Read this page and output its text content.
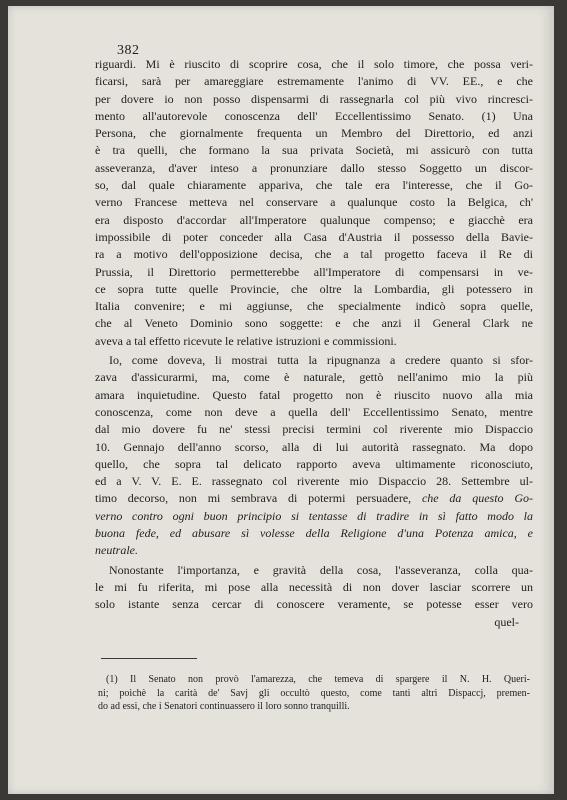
382
riguardi. Mi è riuscito di scoprire cosa, che il solo timore, che possa veri-
ficarsi, sarà per amareggiare estremamente l'animo di VV. EE., e che
per dovere io non posso dispensarmi di rassegnarla col più vivo rincresci-
mento all'autorevole conoscenza dell' Eccellentissimo Senato. (1) Una
Persona, che giornalmente frequenta un Membro del Direttorio, ed anzi
è tra quelli, che formano la sua privata Società, mi assicurò con tutta
asseveranza, d'aver inteso a pronunziare dallo stesso Soggetto un discor-
so, dal quale chiaramente appariva, che tale era l'interesse, che il Go-
verno Francese metteva nel conservare a qualunque costo la Belgica, ch'
era disposto d'accordar all'Imperatore qualunque compenso; e giacchè era
impossibile di poter conceder alla Casa d'Austria il possesso della Bavie-
ra a motivo dell'opposizione decisa, che a tal progetto faceva il Re di
Prussia, il Direttorio permetterebbe all'Imperatore di compensarsi in ve-
ce sopra tutte quelle Provincie, che oltre la Lombardia, gli potessero in
Italia convenire; e mi aggiunse, che specialmente indicò sopra quelle,
che al Veneto Dominio sono soggette: e che anzi il General Clark ne
aveva a tal effetto ricevute le relative istruzioni e commissioni.
Io, come doveva, li mostrai tutta la ripugnanza a credere quanto si sfor-
zava d'assicurarmi, ma, come è naturale, gettò nell'animo mio la più
amara inquietudine. Questo fatal progetto non è riuscito nuovo alla mia
conoscenza, come non deve a quella dell' Eccellentissimo Senato, mentre
dal mio dovere fu ne' stessi precisi termini col riverente mio Dispaccio
10. Gennajo dell'anno scorso, alla di lui autorità rassegnato. Ma dopo
quello, che sopra tal delicato rapporto aveva ultimamente riconosciuto,
ed a V. V. E. E. rassegnato col riverente mio Dispaccio 28. Settembre ul-
timo decorso, non mi sembrava di potermi persuadere, che da questo Go-
verno contro ogni buon principio si tentasse di tradire in sì fatto modo la
buona fede, ed abusare sì volesse della Religione d'una Potenza amica, e
neutrale.
Nonostante l'importanza, e gravità della cosa, l'asseveranza, colla qua-
le mi fu riferita, mi pose alla necessità di non dover lasciar scorrere un
solo istante senza cercar di conoscere veramente, se potesse esser vero
quel-
(1) Il Senato non provò l'amarezza, che temeva di spargere il N. H. Queri-
ni; poichè la carità de' Savj gli occultò questo, come tanti altri Dispaccj, premen-
do ad essi, che i Senatori continuassero il loro sonno tranquilli.
